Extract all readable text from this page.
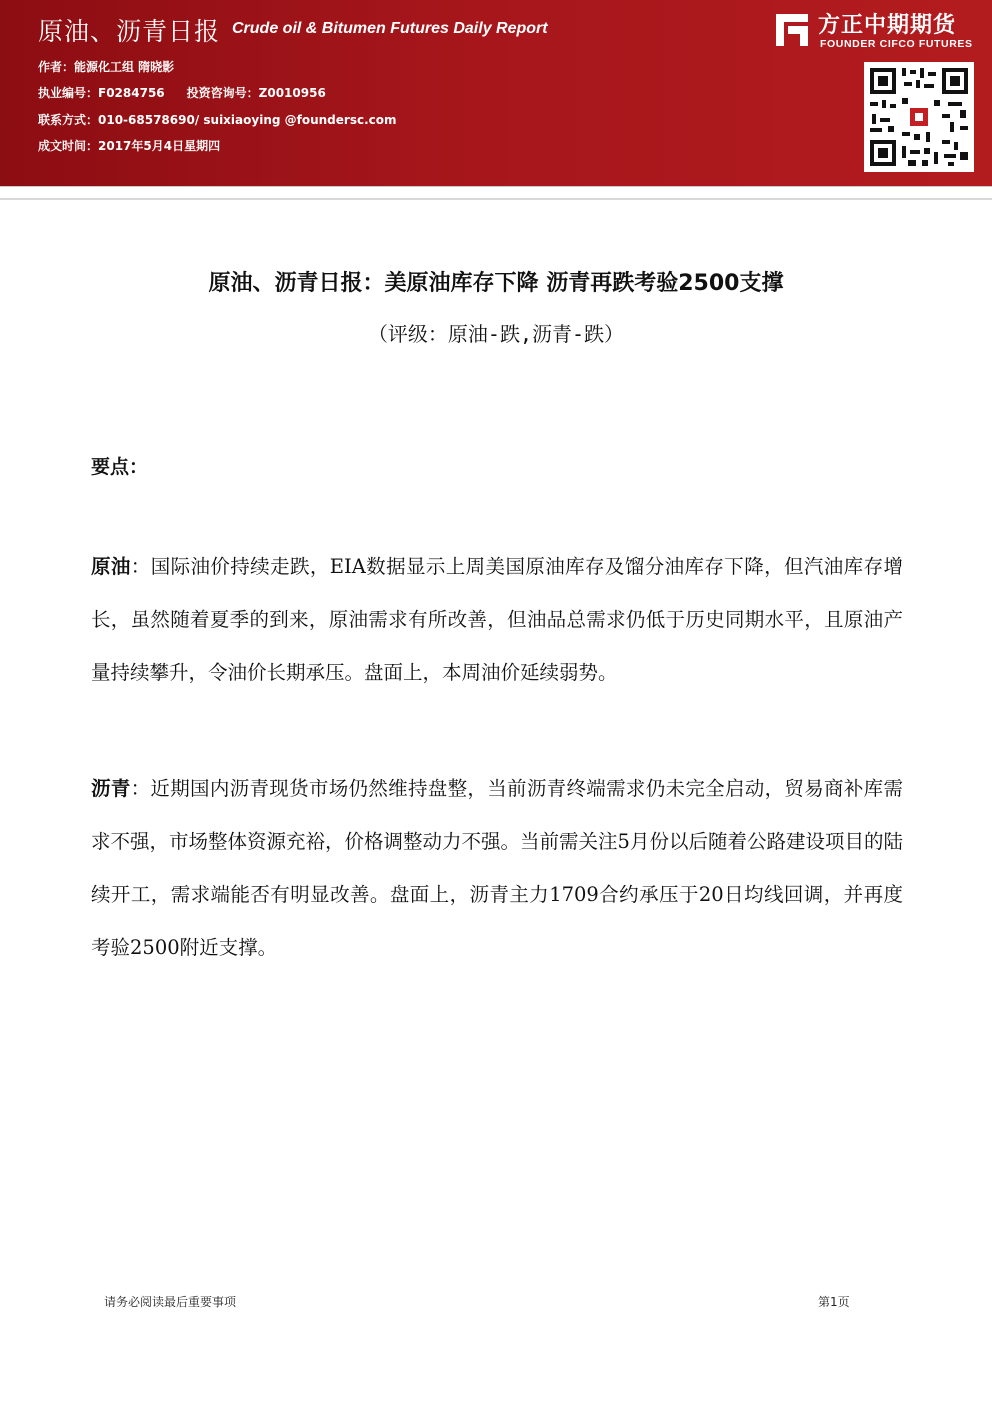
原油、沥青日报 Crude oil & Bitumen Futures Daily Report
作者：能源化工组 隋晓影
执业编号：F0284756 投资咨询号：Z0010956
联系方式：010-68578690/ suixiaoying @foundersc.com
成文时间：2017年5月4日星期四
方正中期期货
FOUNDER CIFCO FUTURES
原油、沥青日报：美原油库存下降 沥青再跌考验2500支撑
（评级：原油-跌,沥青-跌）
要点：

原油：国际油价持续走跌，EIA数据显示上周美国原油库存及馏分油库存下降，但汽油库存增长，虽然随着夏季的到来，原油需求有所改善，但油品总需求仍低于历史同期水平，且原油产量持续攀升，令油价长期承压。盘面上，本周油价延续弱势。

沥青：近期国内沥青现货市场仍然维持盘整，当前沥青终端需求仍未完全启动，贸易商补库需求不强，市场整体资源充裕，价格调整动力不强。当前需关注5月份以后随着公路建设项目的陆续开工，需求端能否有明显改善。盘面上，沥青主力1709合约承压于20日均线回调，并再度考验2500附近支撑。

请务必阅读最后重要事项	第1页
